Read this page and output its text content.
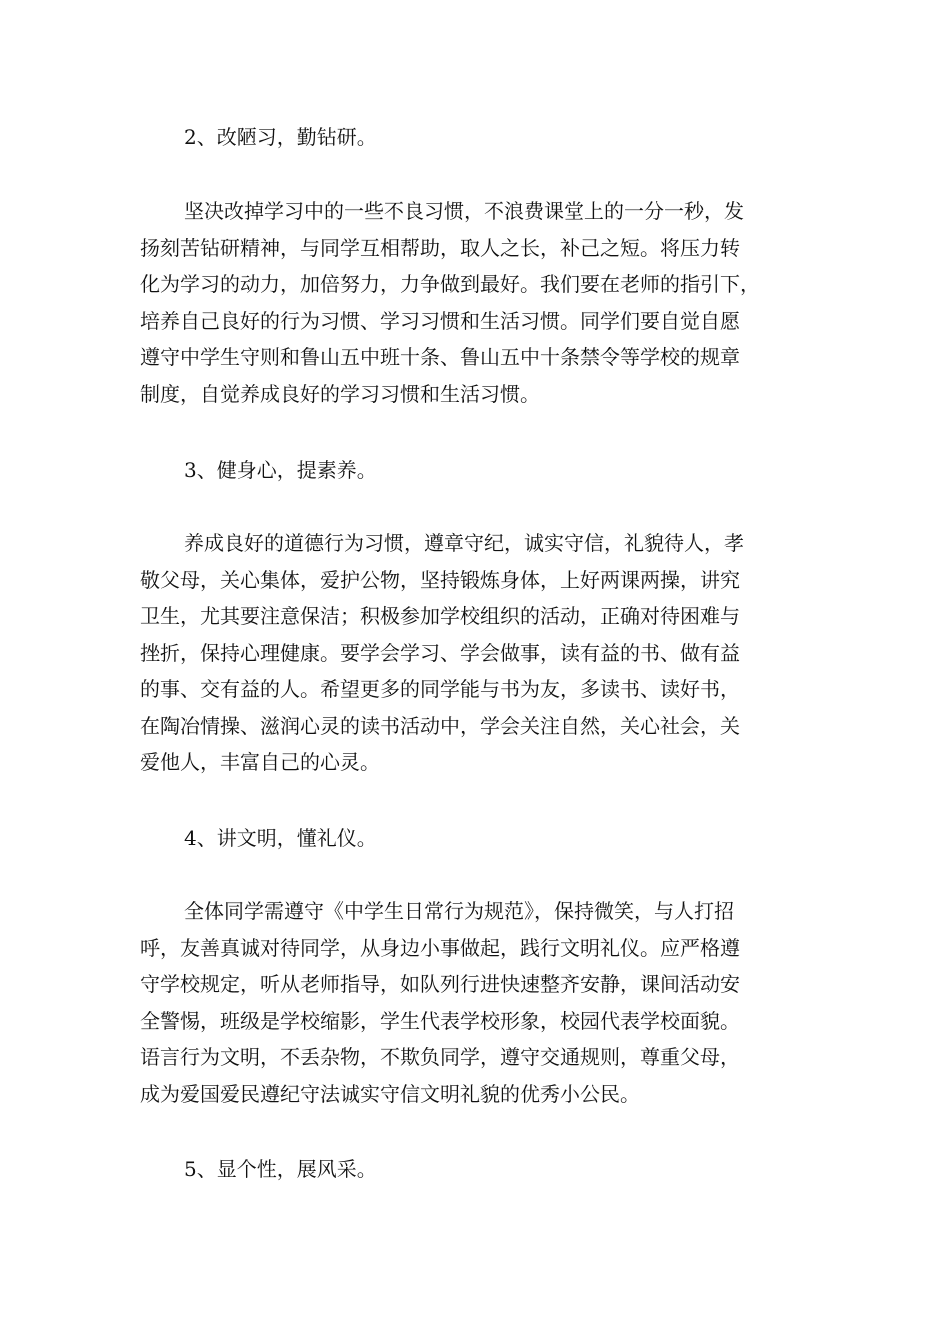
2、改陋习，勤钻研。

坚决改掉学习中的一些不良习惯，不浪费课堂上的一分一秒，发
扬刻苦钻研精神，与同学互相帮助，取人之长，补己之短。将压力转
化为学习的动力，加倍努力，力争做到最好。我们要在老师的指引下，
培养自己良好的行为习惯、学习习惯和生活习惯。同学们要自觉自愿
遵守中学生守则和鲁山五中班十条、鲁山五中十条禁令等学校的规章
制度，自觉养成良好的学习习惯和生活习惯。

3、健身心，提素养。

养成良好的道德行为习惯，遵章守纪，诚实守信，礼貌待人，孝
敬父母，关心集体，爱护公物，坚持锻炼身体，上好两课两操，讲究
卫生，尤其要注意保洁；积极参加学校组织的活动，正确对待困难与
挫折，保持心理健康。要学会学习、学会做事，读有益的书、做有益
的事、交有益的人。希望更多的同学能与书为友，多读书、读好书，
在陶冶情操、滋润心灵的读书活动中，学会关注自然，关心社会，关
爱他人，丰富自己的心灵。

4、讲文明，懂礼仪。

全体同学需遵守《中学生日常行为规范》，保持微笑，与人打招
呼，友善真诚对待同学，从身边小事做起，践行文明礼仪。应严格遵
守学校规定，听从老师指导，如队列行进快速整齐安静，课间活动安
全警惕，班级是学校缩影，学生代表学校形象，校园代表学校面貌。
语言行为文明，不丢杂物，不欺负同学，遵守交通规则，尊重父母，
成为爱国爱民遵纪守法诚实守信文明礼貌的优秀小公民。

5、显个性，展风采。
